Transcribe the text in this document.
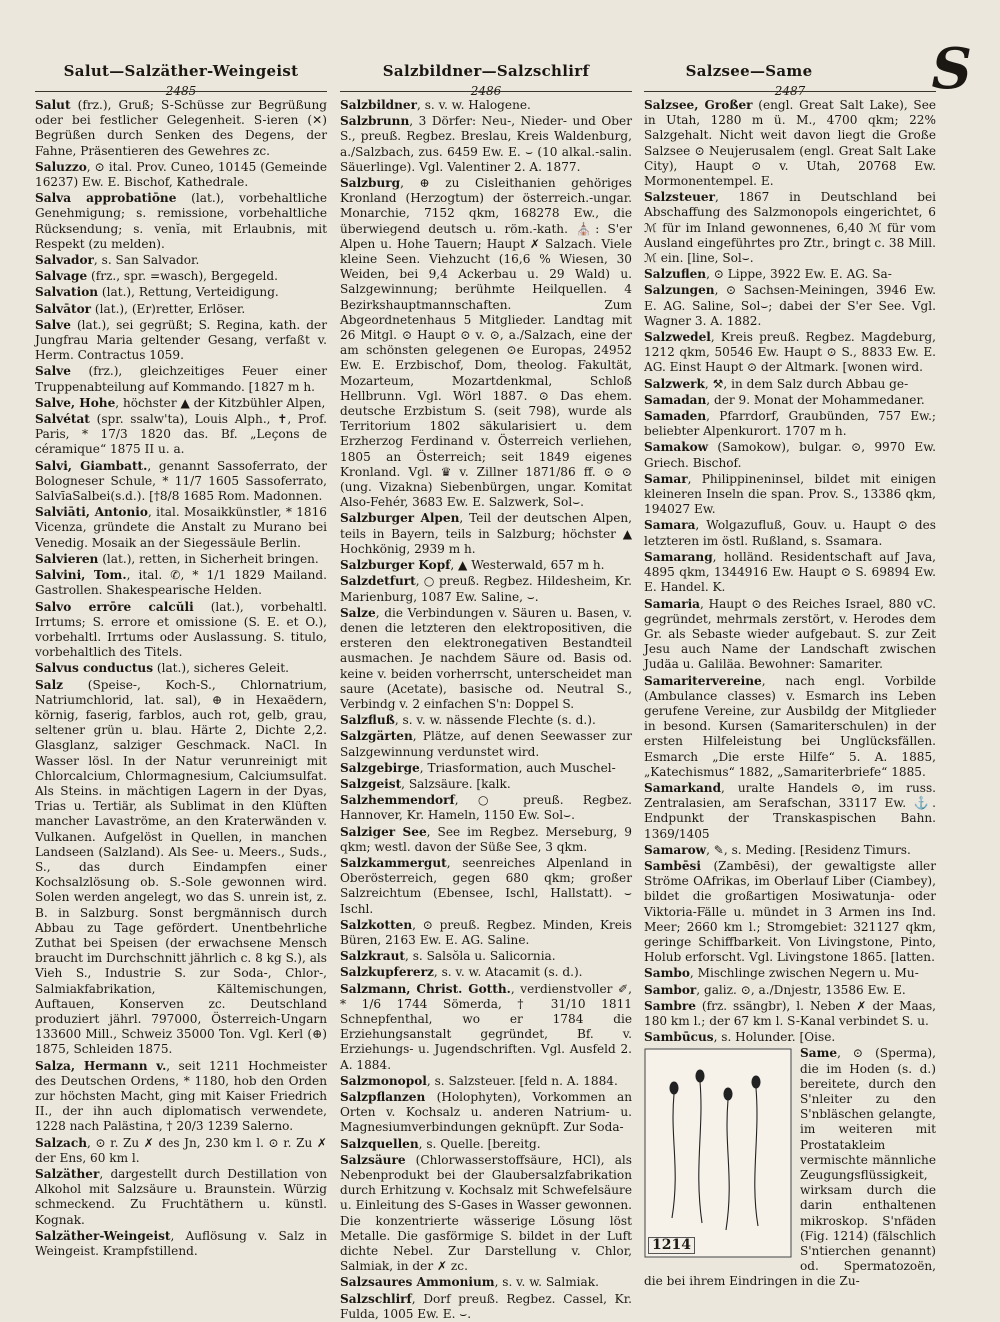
S
Salut—Salzäther-Weingeist	Salzbildner—Salzschlirf	Salzsee—Same
2485	2486	2487
Salut (frz.), Gruß; S-Schüsse zur Begrüßung oder bei festlicher Gelegenheit. S-ieren (✕) Begrüßen durch Senken des Degens, der Fahne, Präsentieren des Gewehres zc.
Saluzzo, ⊙ ital. Prov. Cuneo, 10145 (Gemeinde 16237) Ew. E. Bischof, Kathedrale.
Salva approbatiōne (lat.), vorbehaltliche Genehmigung; s. remissione, vorbehaltliche Rücksendung; s. venĭa, mit Erlaubnis, mit Respekt (zu melden).
Salvador, s. San Salvador.
Salvage (frz., spr. =wasch), Bergegeld.
Salvation (lat.), Rettung, Verteidigung.
Salvātor (lat.), (Er)retter, Erlöser.
Salve (lat.), sei gegrüßt; S. Regina, kath. der Jungfrau Maria geltender Gesang, verfaßt v. Herm. Contractus 1059.
Salve (frz.), gleichzeitiges Feuer einer Truppenabteilung auf Kommando. [1827 m h.
Salve, Hohe, höchster ▲ der Kitzbühler Alpen,
Salvétat (spr. ssalw'ta), Louis Alph., ✝, Prof. Paris, * 17/3 1820 das. Bf. „Leçons de céramique“ 1875 II u. a.
Salvi, Giambatt., genannt Sassoferrato, der Bologneser Schule, * 11/7 1605 Sassoferrato, SalvīaSalbei(s.d.). [†8/8 1685 Rom. Madonnen.
Salviāti, Antonio, ital. Mosaikkünstler, * 1816 Vicenza, gründete die Anstalt zu Murano bei Venedig. Mosaik an der Siegessäule Berlin.
Salvieren (lat.), retten, in Sicherheit bringen.
Salvini, Tom., ital. ✆, * 1/1 1829 Mailand. Gastrollen. Shakespearische Helden.
Salvo errōre calcŭli (lat.), vorbehaltl. Irrtums; S. errore et omissione (S. E. et O.), vorbehaltl. Irrtums oder Auslassung. S. titulo, vorbehaltlich des Titels.
Salvus conductus (lat.), sicheres Geleit.
Salz (Speise-, Koch-S., Chlornatrium, Natriumchlorid, lat. sal), ⊕ in Hexaëdern, körnig, faserig, farblos, auch rot, gelb, grau, seltener grün u. blau. Härte 2, Dichte 2,2. Glasglanz, salziger Geschmack. NaCl. In Wasser lösl. In der Natur verunreinigt mit Chlorcalcium, Chlormagnesium, Calciumsulfat. Als Steins. in mächtigen Lagern in der Dyas, Trias u. Tertiär, als Sublimat in den Klüften mancher Lavaströme, an den Kraterwänden v. Vulkanen. Aufgelöst in Quellen, in manchen Landseen (Salzland). Als See- u. Meers., Suds., S., das durch Eindampfen einer Kochsalzlösung ob. S.-Sole gewonnen wird. Solen werden angelegt, wo das S. unrein ist, z. B. in Salzburg. Sonst bergmännisch durch Abbau zu Tage gefördert. Unentbehrliche Zuthat bei Speisen (der erwachsene Mensch braucht im Durchschnitt jährlich c. 8 kg S.), als Vieh S., Industrie S. zur Soda-, Chlor-, Salmiakfabrikation, Kältemischungen, Auftauen, Konserven zc. Deutschland produziert jährl. 797000, Österreich-Ungarn 133600 Mill., Schweiz 35000 Ton. Vgl. Kerl (⊕) 1875, Schleiden 1875.
Salza, Hermann v., seit 1211 Hochmeister des Deutschen Ordens, * 1180, hob den Orden zur höchsten Macht, ging mit Kaiser Friedrich II., der ihn auch diplomatisch verwendete, 1228 nach Palästina, † 20/3 1239 Salerno.
Salzach, ⊙ r. Zu ✗ des Jn, 230 km l. ⊙ r. Zu ✗ der Ens, 60 km l.
Salzäther, dargestellt durch Destillation von Alkohol mit Salzsäure u. Braunstein. Würzig schmeckend. Zu Fruchtäthern u. künstl. Kognak.
Salzäther-Weingeist, Auflösung v. Salz in Weingeist. Krampfstillend.
Salzbildner, s. v. w. Halogene.
Salzbrunn, 3 Dörfer: Neu-, Nieder- und Ober S., preuß. Regbez. Breslau, Kreis Waldenburg, a./Salzbach, zus. 6459 Ew. E. ⌣ (10 alkal.-salin. Säuerlinge). Vgl. Valentiner 2. A. 1877.
Salzburg, ⊕ zu Cisleithanien gehöriges Kronland (Herzogtum) der österreich.-ungar. Monarchie, 7152 qkm, 168278 Ew., die überwiegend deutsch u. röm.-kath. ⛪: S'er Alpen u. Hohe Tauern; Haupt ✗ Salzach. Viele kleine Seen. Viehzucht (16,6 % Wiesen, 30 Weiden, bei 9,4 Ackerbau u. 29 Wald) u. Salzgewinnung; berühmte Heilquellen. 4 Bezirkshauptmannschaften. Zum Abgeordnetenhaus 5 Mitglieder. Landtag mit 26 Mitgl. ⊙ Haupt ⊙ v. ⊙, a./Salzach, eine der am schönsten gelegenen ⊙e Europas, 24952 Ew. E. Erzbischof, Dom, theolog. Fakultät, Mozarteum, Mozartdenkmal, Schloß Hellbrunn. Vgl. Wörl 1887. ⊙ Das ehem. deutsche Erzbistum S. (seit 798), wurde als Territorium 1802 säkularisiert u. dem Erzherzog Ferdinand v. Österreich verliehen, 1805 an Österreich; seit 1849 eigenes Kronland. Vgl. ♛ v. Zillner 1871/86 ff. ⊙ ⊙ (ung. Vizakna) Siebenbürgen, ungar. Komitat Also-Fehér, 3683 Ew. E. Salzwerk, Sol⌣.
Salzburger Alpen, Teil der deutschen Alpen, teils in Bayern, teils in Salzburg; höchster ▲ Hochkönig, 2939 m h.
Salzburger Kopf, ▲ Westerwald, 657 m h.
Salzdetfurt, ○ preuß. Regbez. Hildesheim, Kr. Marienburg, 1087 Ew. Saline, ⌣.
Salze, die Verbindungen v. Säuren u. Basen, v. denen die letzteren den elektropositiven, die ersteren den elektronegativen Bestandteil ausmachen. Je nachdem Säure od. Basis od. keine v. beiden vorherrscht, unterscheidet man saure (Acetate), basische od. Neutral S., Verbindg v. 2 einfachen S'n: Doppel S.
Salzfluß, s. v. w. nässende Flechte (s. d.).
Salzgärten, Plätze, auf denen Seewasser zur Salzgewinnung verdunstet wird.
Salzgebirge, Triasformation, auch Muschel-
Salzgeist, Salzsäure. [kalk.
Salzhemmendorf, ○ preuß. Regbez. Hannover, Kr. Hameln, 1150 Ew. Sol⌣.
Salziger See, See im Regbez. Merseburg, 9 qkm; westl. davon der Süße See, 3 qkm.
Salzkammergut, seenreiches Alpenland in Oberösterreich, gegen 680 qkm; großer Salzreichtum (Ebensee, Ischl, Hallstatt). ⌣ Ischl.
Salzkotten, ⊙ preuß. Regbez. Minden, Kreis Büren, 2163 Ew. E. AG. Saline.
Salzkraut, s. Salsŏla u. Salicornia.
Salzkupfererz, s. v. w. Atacamit (s. d.).
Salzmann, Christ. Gotth., verdienstvoller ✐, * 1/6 1744 Sömerda, † 31/10 1811 Schnepfenthal, wo er 1784 die Erziehungsanstalt gegründet, Bf. v. Erziehungs- u. Jugendschriften. Vgl. Ausfeld 2. A. 1884.
Salzmonopol, s. Salzsteuer. [feld n. A. 1884.
Salzpflanzen (Holophyten), Vorkommen an Orten v. Kochsalz u. anderen Natrium- u. Magnesiumverbindungen geknüpft. Zur Soda-
Salzquellen, s. Quelle. [bereitg.
Salzsäure (Chlorwasserstoffsäure, HCl), als Nebenprodukt bei der Glaubersalzfabrikation durch Erhitzung v. Kochsalz mit Schwefelsäure u. Einleitung des S-Gases in Wasser gewonnen. Die konzentrierte wässerige Lösung löst Metalle. Die gasförmige S. bildet in der Luft dichte Nebel. Zur Darstellung v. Chlor, Salmiak, in der ✗ zc.
Salzsaures Ammonium, s. v. w. Salmiak.
Salzschlirf, Dorf preuß. Regbez. Cassel, Kr. Fulda, 1005 Ew. E. ⌣.
Salzsee, Großer (engl. Great Salt Lake), See in Utah, 1280 m ü. M., 4700 qkm; 22% Salzgehalt. Nicht weit davon liegt die Große Salzsee ⊙ Neujerusalem (engl. Great Salt Lake City), Haupt ⊙ v. Utah, 20768 Ew. Mormonentempel. E.
Salzsteuer, 1867 in Deutschland bei Abschaffung des Salzmonopols eingerichtet, 6 ℳ für im Inland gewonnenes, 6,40 ℳ für vom Ausland eingeführtes pro Ztr., bringt c. 38 Mill. ℳ ein. [line, Sol⌣.
Salzuflen, ⊙ Lippe, 3922 Ew. E. AG. Sa-
Salzungen, ⊙ Sachsen-Meiningen, 3946 Ew. E. AG. Saline, Sol⌣; dabei der S'er See. Vgl. Wagner 3. A. 1882.
Salzwedel, Kreis preuß. Regbez. Magdeburg, 1212 qkm, 50546 Ew. Haupt ⊙ S., 8833 Ew. E. AG. Einst Haupt ⊙ der Altmark. [wonen wird.
Salzwerk, ⚒, in dem Salz durch Abbau ge-
Samadan, der 9. Monat der Mohammedaner.
Samaden, Pfarrdorf, Graubünden, 757 Ew.; beliebter Alpenkurort. 1707 m h.
Samakow (Samokow), bulgar. ⊙, 9970 Ew. Griech. Bischof.
Samar, Philippineninsel, bildet mit einigen kleineren Inseln die span. Prov. S., 13386 qkm, 194027 Ew.
Samara, Wolgazufluß, Gouv. u. Haupt ⊙ des letzteren im östl. Rußland, s. Ssamara.
Samarang, holländ. Residentschaft auf Java, 4895 qkm, 1344916 Ew. Haupt ⊙ S. 69894 Ew. E. Handel. K.
Samaria, Haupt ⊙ des Reiches Israel, 880 vC. gegründet, mehrmals zerstört, v. Herodes dem Gr. als Sebaste wieder aufgebaut. S. zur Zeit Jesu auch Name der Landschaft zwischen Judäa u. Galiläa. Bewohner: Samariter.
Samaritervereine, nach engl. Vorbilde (Ambulance classes) v. Esmarch ins Leben gerufene Vereine, zur Ausbildg der Mitglieder in besond. Kursen (Samariterschulen) in der ersten Hilfeleistung bei Unglücksfällen. Esmarch „Die erste Hilfe“ 5. A. 1885, „Katechismus“ 1882, „Samariterbriefe“ 1885.
Samarkand, uralte Handels ⊙, im russ. Zentralasien, am Serafschan, 33117 Ew. ⚓. Endpunkt der Transkaspischen Bahn. 1369/1405
Samarow, ✎, s. Meding. [Residenz Timurs.
Sambēsi (Zambēsi), der gewaltigste aller Ströme OAfrikas, im Oberlauf Liber (Ciambey), bildet die großartigen Mosiwatunja- oder Viktoria-Fälle u. mündet in 3 Armen ins Ind. Meer; 2660 km l.; Stromgebiet: 321127 qkm, geringe Schiffbarkeit. Von Livingstone, Pinto, Holub erforscht. Vgl. Livingstone 1865. [latten.
Sambo, Mischlinge zwischen Negern u. Mu-
Sambor, galiz. ⊙, a./Dnjestr, 13586 Ew. E.
Sambre (frz. ssängbr), l. Neben ✗ der Maas, 180 km l.; der 67 km l. S-Kanal verbindet S. u.
Sambūcus, s. Holunder. [Oise.
1214
Same, ⊙ (Sperma), die im Hoden (s. d.) bereitete, durch den S'nleiter zu den S'nbläschen gelangte, im weiteren mit Prostatakleim vermischte männliche Zeugungsflüssigkeit, wirksam durch die darin enthaltenen mikroskop. S'nfäden (Fig. 1214) (fälschlich S'ntierchen genannt) od. Spermatozoën, die bei ihrem Eindringen in die Zu-
